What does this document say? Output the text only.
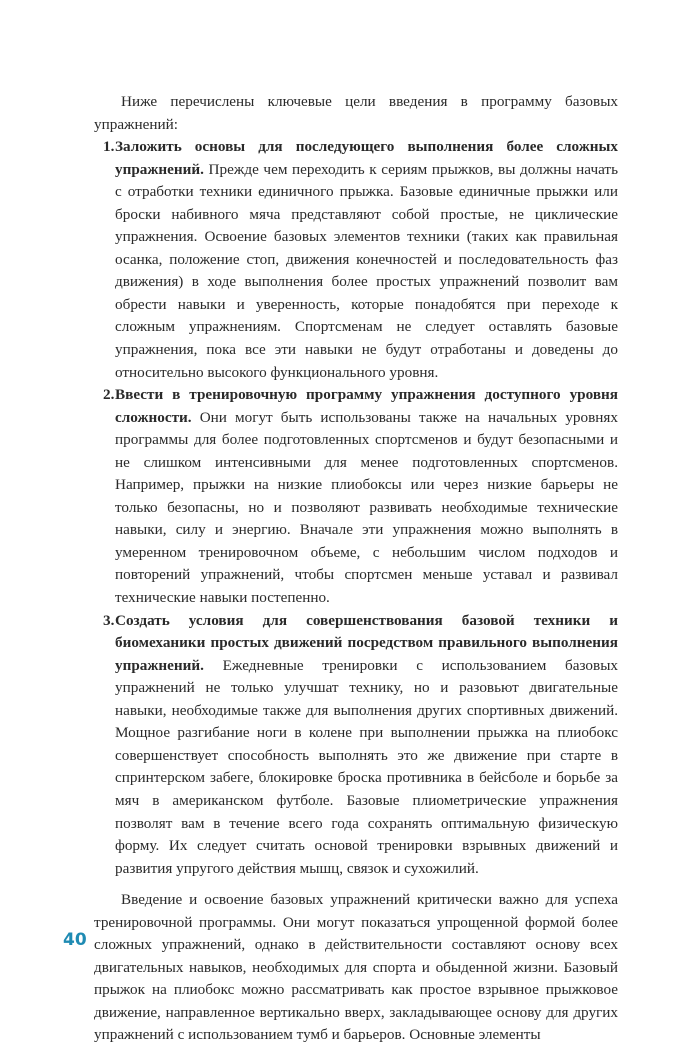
Ниже перечислены ключевые цели введения в программу базовых упражнений:

1. Заложить основы для последующего выполнения более сложных упражнений. Прежде чем переходить к сериям прыжков, вы должны начать с отработки техники единичного прыжка. Базовые единичные прыжки или броски набивного мяча представляют собой простые, не циклические упражнения. Освоение базовых элементов техники (таких как правильная осанка, положение стоп, движения конечностей и последовательность фаз движения) в ходе выполнения более простых упражнений позволит вам обрести навыки и уверенность, которые понадобятся при переходе к сложным упражнениям. Спортсменам не следует оставлять базовые упражнения, пока все эти навыки не будут отработаны и доведены до относительно высокого функционального уровня.
2. Ввести в тренировочную программу упражнения доступного уровня сложности. Они могут быть использованы также на начальных уровнях программы для более подготовленных спортсменов и будут безопасными и не слишком интенсивными для менее подготовленных спортсменов. Например, прыжки на низкие плиобоксы или через низкие барьеры не только безопасны, но и позволяют развивать необходимые технические навыки, силу и энергию. Вначале эти упражнения можно выполнять в умеренном тренировочном объеме, с небольшим числом подходов и повторений упражнений, чтобы спортсмен меньше уставал и развивал технические навыки постепенно.
3. Создать условия для совершенствования базовой техники и биомеханики простых движений посредством правильного выполнения упражнений. Ежедневные тренировки с использованием базовых упражнений не только улучшат технику, но и разовьют двигательные навыки, необходимые также для выполнения других спортивных движений. Мощное разгибание ноги в колене при выполнении прыжка на плиобокс совершенствует способность выполнять это же движение при старте в спринтерском забеге, блокировке броска противника в бейсболе и борьбе за мяч в американском футболе. Базовые плиометрические упражнения позволят вам в течение всего года сохранять оптимальную физическую форму. Их следует считать основой тренировки взрывных движений и развития упругого действия мышц, связок и сухожилий.

Введение и освоение базовых упражнений критически важно для успеха тренировочной программы. Они могут показаться упрощенной формой более сложных упражнений, однако в действительности составляют основу всех двигательных навыков, необходимых для спорта и обыденной жизни. Базовый прыжок на плиобокс можно рассматривать как простое взрывное прыжковое движение, направленное вертикально вверх, закладывающее основу для других упражнений с использованием тумб и барьеров. Основные элементы

40
